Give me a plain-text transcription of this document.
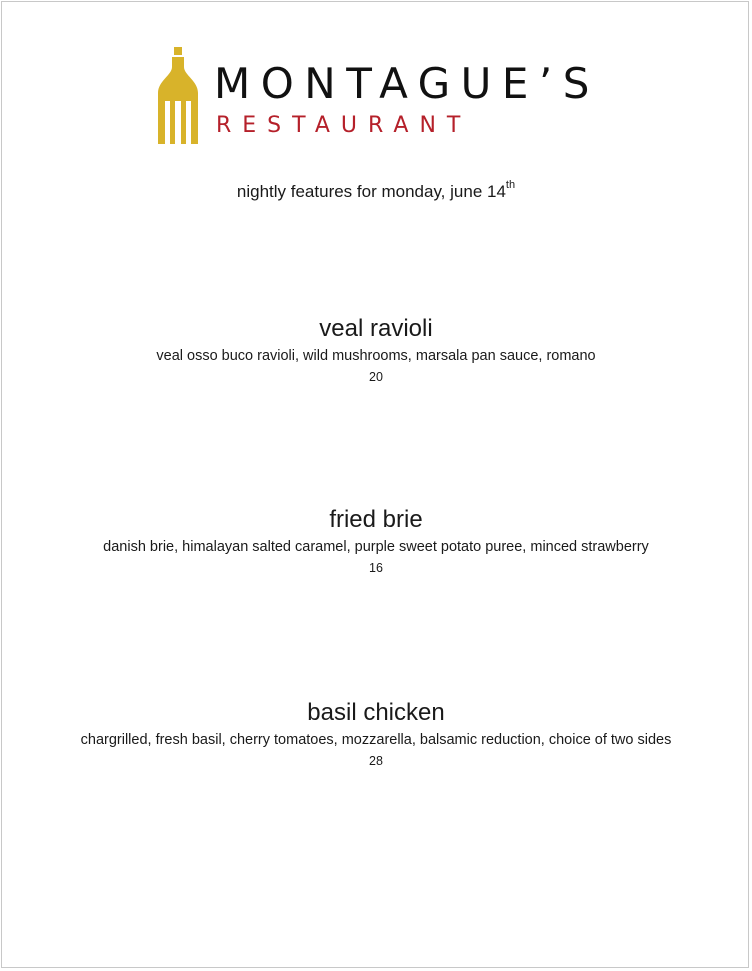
MONTAGUE’S
RESTAURANT
nightly features for monday, june 14th
veal ravioli
veal osso buco ravioli, wild mushrooms, marsala pan sauce, romano
20
fried brie
danish brie, himalayan salted caramel, purple sweet potato puree, minced strawberry
16
basil chicken
chargrilled, fresh basil, cherry tomatoes, mozzarella, balsamic reduction, choice of two sides
28
